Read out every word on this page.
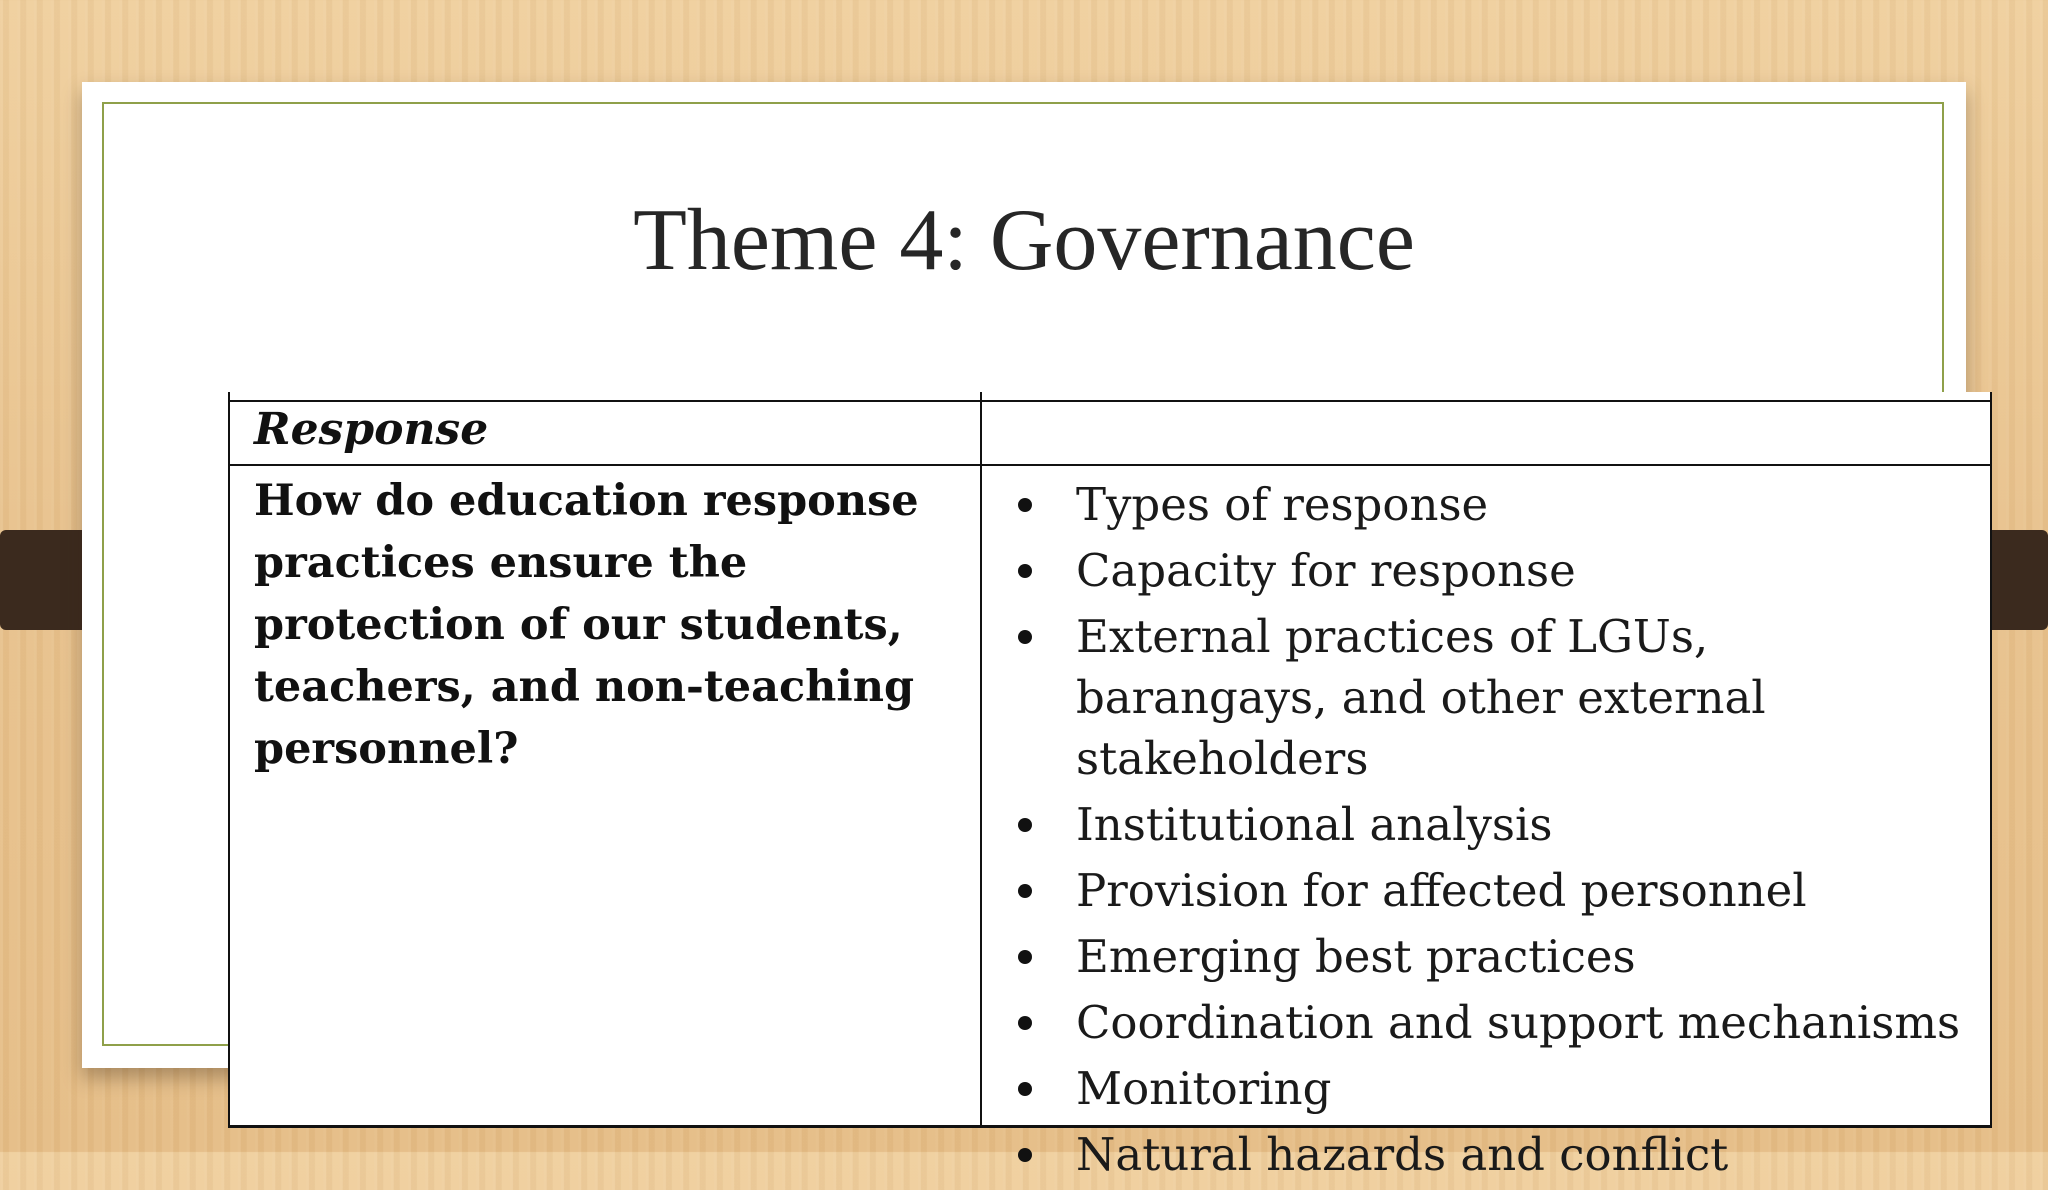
Theme 4: Governance
Response
How do education response practices ensure the protection of our students, teachers, and non-teaching personnel?
Types of response
Capacity for response
External practices of LGUs, barangays, and other external stakeholders
Institutional analysis
Provision for affected personnel
Emerging best practices
Coordination and support mechanisms
Monitoring
Natural hazards and conflict
